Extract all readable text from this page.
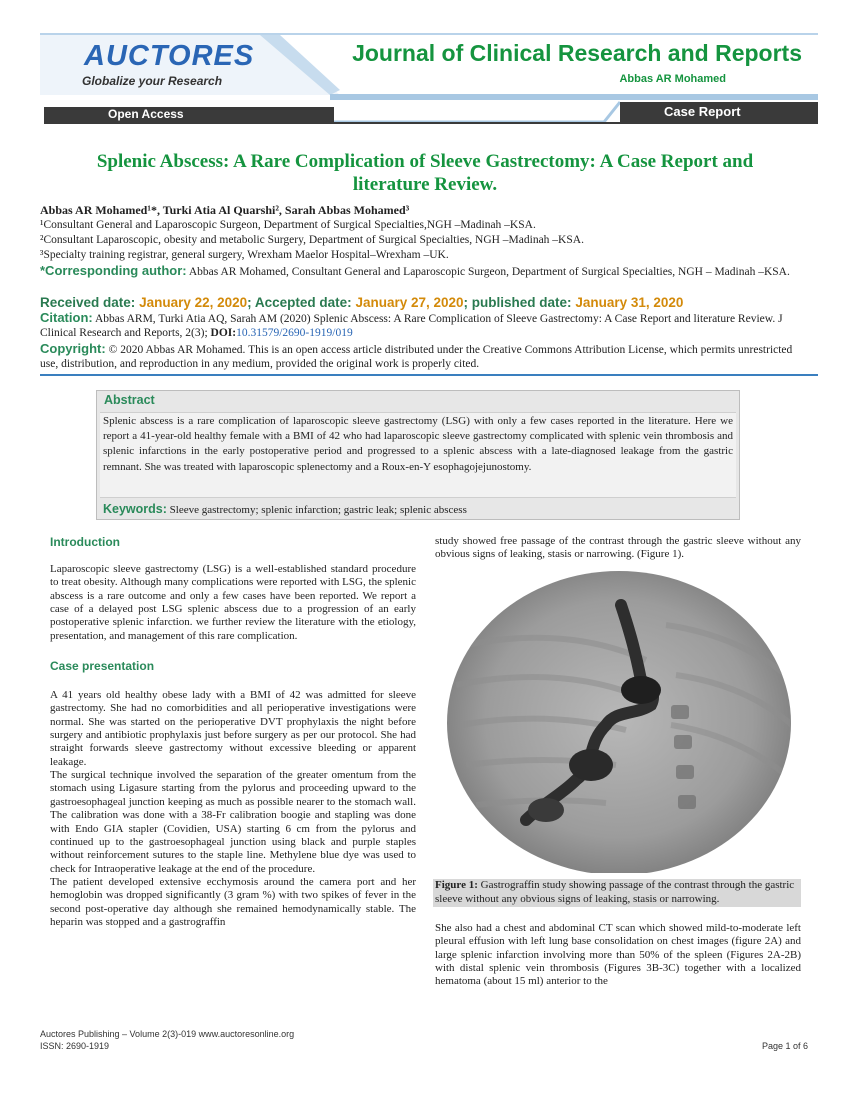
AUCTORES
Globalize your Research
Journal of Clinical Research and Reports
Abbas AR Mohamed
Open Access	Case Report
Splenic Abscess: A Rare Complication of Sleeve Gastrectomy: A Case Report and literature Review.
Abbas AR Mohamed¹*, Turki Atia Al Quarshi², Sarah Abbas Mohamed³
¹Consultant General and Laparoscopic Surgeon, Department of Surgical Specialties,NGH –Madinah –KSA.
²Consultant Laparoscopic, obesity and metabolic Surgery, Department of Surgical Specialties, NGH –Madinah –KSA.
³Specialty training registrar, general surgery, Wrexham Maelor Hospital–Wrexham –UK.
*Corresponding author: Abbas AR Mohamed, Consultant General and Laparoscopic Surgeon, Department of Surgical Specialties, NGH – Madinah –KSA.
Received date: January 22, 2020; Accepted date: January 27, 2020; published date: January 31, 2020
Citation: Abbas ARM, Turki Atia AQ, Sarah AM (2020) Splenic Abscess: A Rare Complication of Sleeve Gastrectomy: A Case Report and literature Review. J Clinical Research and Reports, 2(3); DOI:10.31579/2690-1919/019
Copyright: © 2020 Abbas AR Mohamed. This is an open access article distributed under the Creative Commons Attribution License, which permits unrestricted use, distribution, and reproduction in any medium, provided the original work is properly cited.
Abstract
Splenic abscess is a rare complication of laparoscopic sleeve gastrectomy (LSG) with only a few cases reported in the literature. Here we report a 41-year-old healthy female with a BMI of 42 who had laparoscopic sleeve gastrectomy complicated with splenic vein thrombosis and splenic infarctions in the early postoperative period and progressed to a splenic abscess with a late-diagnosed leakage from the gastric remnant. She was treated with laparoscopic splenectomy and a Roux-en-Y esophagojejunostomy.
Keywords: Sleeve gastrectomy; splenic infarction; gastric leak; splenic abscess

Introduction

Laparoscopic sleeve gastrectomy (LSG) is a well-established standard procedure to treat obesity. Although many complications were reported with LSG, the splenic abscess is a rare outcome and only a few cases have been reported. We report a case of a delayed post LSG splenic abscess due to a progression of an early postoperative splenic infarction. we further review the literature with the etiology, presentation, and management of this rare complication.

Case presentation

A 41 years old healthy obese lady with a BMI of 42 was admitted for sleeve gastrectomy. She had no comorbidities and all perioperative investigations were normal. She was started on the perioperative DVT prophylaxis the night before surgery and antibiotic prophylaxis just before surgery as per our protocol. She had straight forwards sleeve gastrectomy without excessive bleeding or apparent leakage.

The surgical technique involved the separation of the greater omentum from the stomach using Ligasure starting from the pylorus and proceeding upward to the gastroesophageal junction keeping as much as possible nearer to the stomach wall. The calibration was done with a 38-Fr calibration boogie and stapling was done with Endo GIA stapler (Covidien, USA) starting 6 cm from the pylorus and continued up to the gastroesophageal junction using black and purple staples without reinforcement sutures to the staple line. Methylene blue dye was used to check for Intraoperative leakage at the end of the procedure.

The patient developed extensive ecchymosis around the camera port and her hemoglobin was dropped significantly (3 gram %) with two spikes of fever in the second post-operative day although she remained hemodynamically stable. The heparin was stopped and a gastrograffin

study showed free passage of the contrast through the gastric sleeve without any obvious signs of leaking, stasis or narrowing. (Figure 1).

Figure 1: Gastrograffin study showing passage of the contrast through the gastric sleeve without any obvious signs of leaking, stasis or narrowing.

She also had a chest and abdominal CT scan which showed mild-to-moderate left pleural effusion with left lung base consolidation on chest images (figure 2A) and large splenic infarction involving more than 50% of the spleen (Figures 2A-2B) with distal splenic vein thrombosis (Figures 3B-3C) together with a localized hematoma (about 15 ml) anterior to the

Auctores Publishing – Volume 2(3)-019 www.auctoresonline.org
ISSN: 2690-1919	Page 1 of 6
